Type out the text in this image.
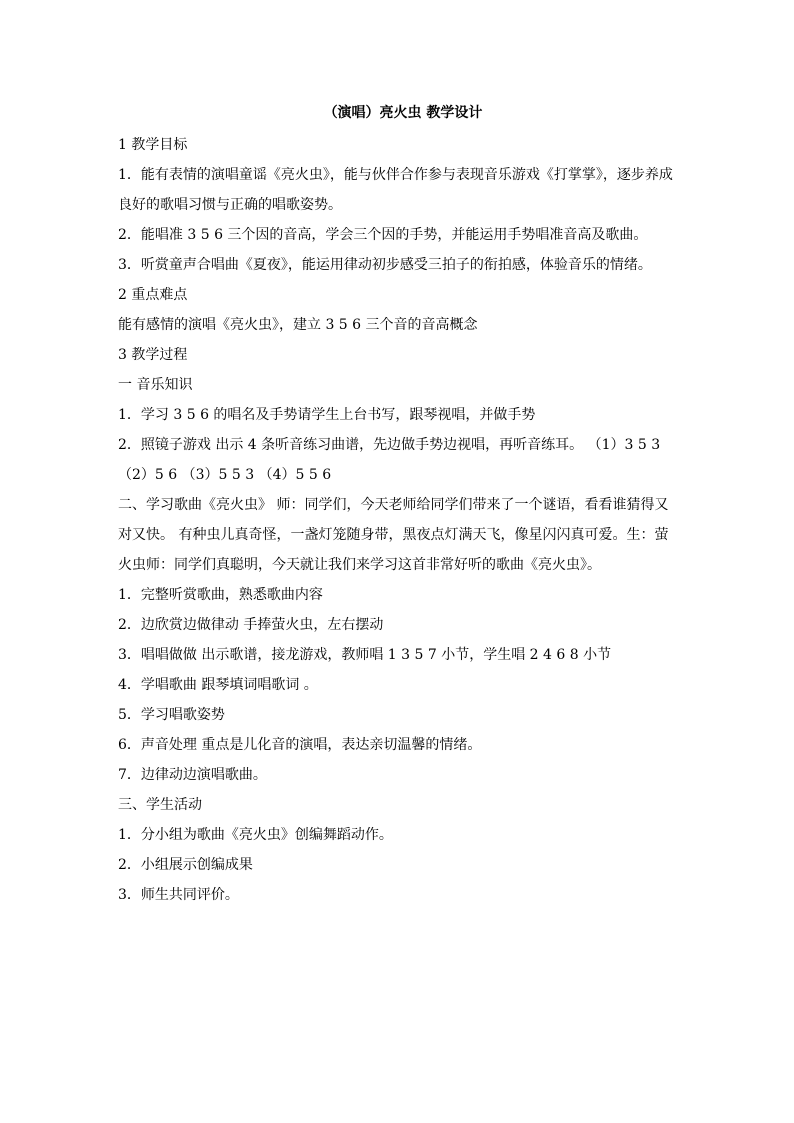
（演唱）亮火虫 教学设计

1 教学目标

1．能有表情的演唱童谣《亮火虫》，能与伙伴合作参与表现音乐游戏《打掌掌》，逐步养成良好的歌唱习惯与正确的唱歌姿势。

2．能唱准 3 5 6 三个因的音高，学会三个因的手势，并能运用手势唱准音高及歌曲。

3．听赏童声合唱曲《夏夜》，能运用律动初步感受三拍子的衔拍感，体验音乐的情绪。

2 重点难点

能有感情的演唱《亮火虫》，建立 3 5 6 三个音的音高概念

3 教学过程

一 音乐知识

1．学习 3 5 6 的唱名及手势请学生上台书写，跟琴视唱，并做手势

2．照镜子游戏 出示 4 条听音练习曲谱，先边做手势边视唱，再听音练耳。 （1）3 5 3 （2）5 6 （3）5 5 3 （4）5 5 6

二、学习歌曲《亮火虫》 师：同学们，今天老师给同学们带来了一个谜语，看看谁猜得又对又快。 有种虫儿真奇怪，一盏灯笼随身带，黑夜点灯满天飞，像星闪闪真可爱。生：萤火虫师：同学们真聪明，今天就让我们来学习这首非常好听的歌曲《亮火虫》。

1．完整听赏歌曲，熟悉歌曲内容

2．边欣赏边做律动 手捧萤火虫，左右摆动

3．唱唱做做 出示歌谱，接龙游戏，教师唱 1 3 5 7 小节，学生唱 2 4 6 8 小节

4．学唱歌曲 跟琴填词唱歌词 。

5．学习唱歌姿势

6．声音处理 重点是儿化音的演唱，表达亲切温馨的情绪。

7．边律动边演唱歌曲。

三、学生活动

1．分小组为歌曲《亮火虫》创编舞蹈动作。

2．小组展示创编成果

3．师生共同评价。
